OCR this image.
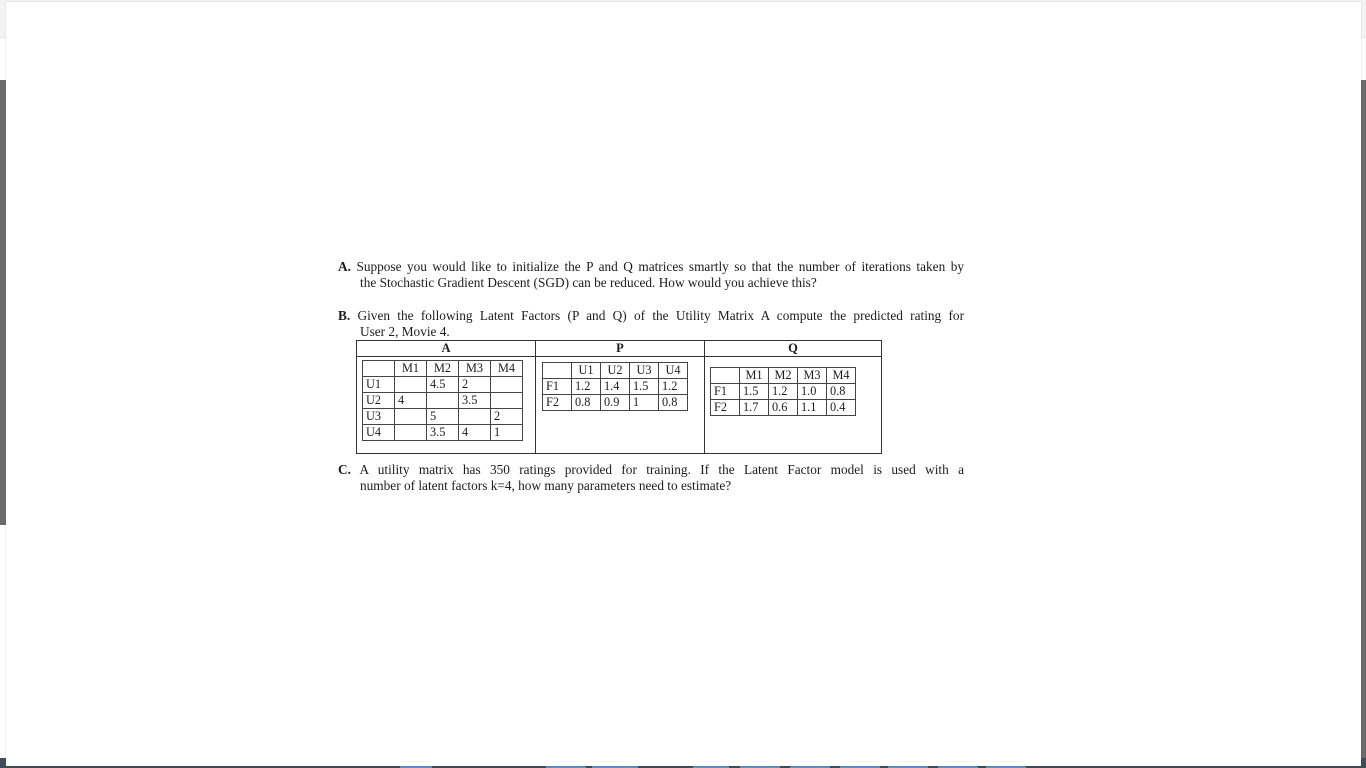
A. Suppose you would like to initialize the P and Q matrices smartly so that the number of iterations taken by
the Stochastic Gradient Descent (SGD) can be reduced. How would you achieve this?
B. Given the following Latent Factors (P and Q) of the Utility Matrix A compute the predicted rating for
User 2, Movie 4.
A	P	Q

	M1	M2	M3	M4
U1		4.5	2	
U2	4		3.5	
U3		5		2
U4		3.5	4	1

	U1	U2	U3	U4
F1	1.2	1.4	1.5	1.2
F2	0.8	0.9	1	0.8

	M1	M2	M3	M4
F1	1.5	1.2	1.0	0.8
F2	1.7	0.6	1.1	0.4
C. A utility matrix has 350 ratings provided for training. If the Latent Factor model is used with a
number of latent factors k=4, how many parameters need to estimate?
